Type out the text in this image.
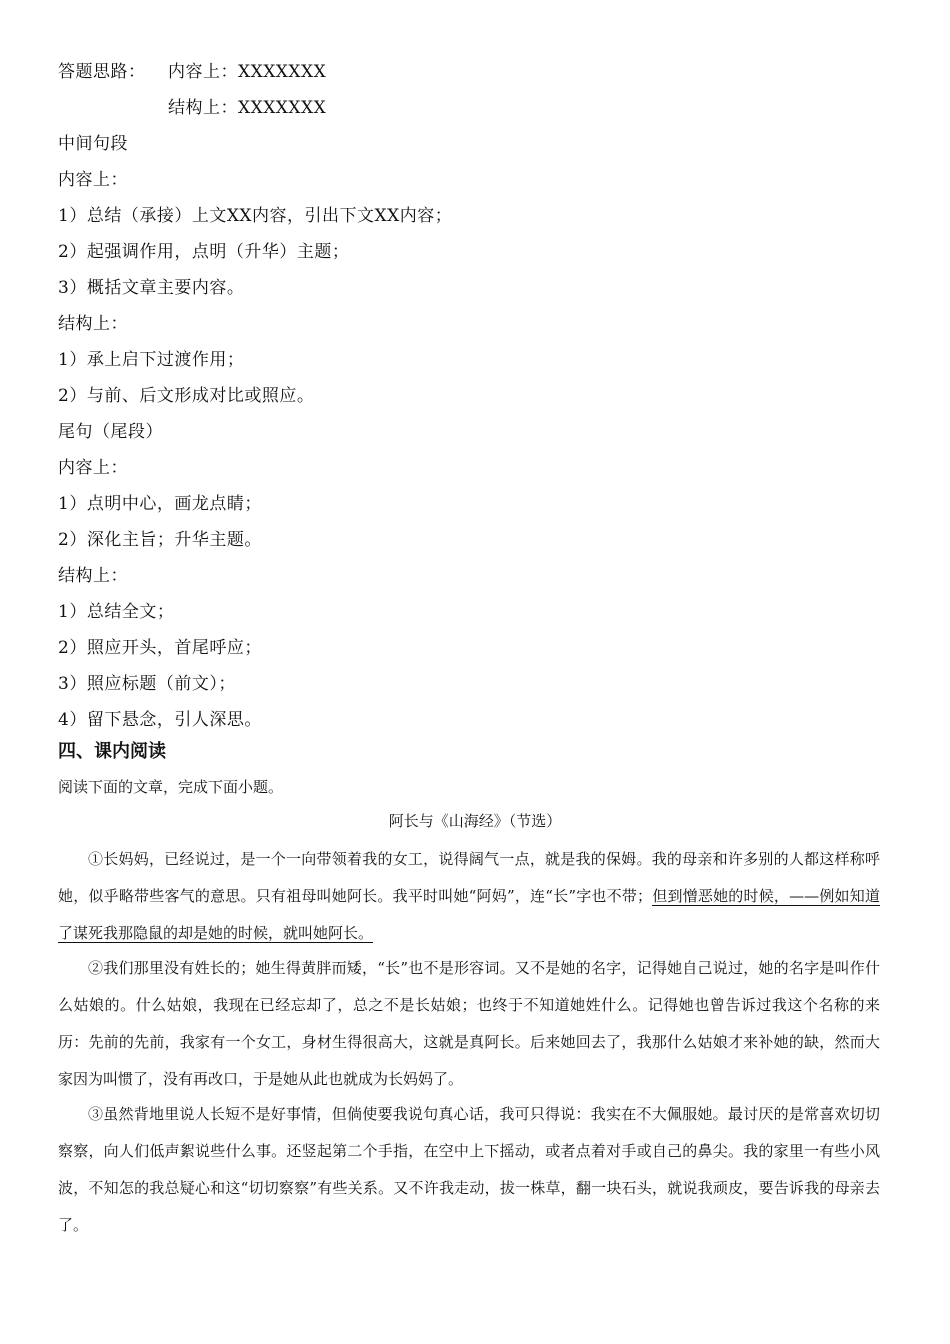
答题思路： 内容上：XXXXXXX
结构上：XXXXXXX
中间句段
内容上：
1）总结（承接）上文XX内容，引出下文XX内容；
2）起强调作用，点明（升华）主题；
3）概括文章主要内容。
结构上：
1）承上启下过渡作用；
2）与前、后文形成对比或照应。
尾句（尾段）
内容上：
1）点明中心，画龙点睛；
2）深化主旨；升华主题。
结构上：
1）总结全文；
2）照应开头，首尾呼应；
3）照应标题（前文）；
4）留下悬念，引人深思。
四、课内阅读
阅读下面的文章，完成下面小题。
阿长与《山海经》（节选）

①长妈妈，已经说过，是一个一向带领着我的女工，说得阔气一点，就是我的保姆。我的母亲和许多别的人都这样称呼她，似乎略带些客气的意思。只有祖母叫她阿长。我平时叫她“阿妈”，连“长”字也不带；但到憎恶她的时候，——例如知道了谋死我那隐鼠的却是她的时候，就叫她阿长。

②我们那里没有姓长的；她生得黄胖而矮，“长”也不是形容词。又不是她的名字，记得她自己说过，她的名字是叫作什么姑娘的。什么姑娘，我现在已经忘却了，总之不是长姑娘；也终于不知道她姓什么。记得她也曾告诉过我这个名称的来历：先前的先前，我家有一个女工，身材生得很高大，这就是真阿长。后来她回去了，我那什么姑娘才来补她的缺，然而大家因为叫惯了，没有再改口，于是她从此也就成为长妈妈了。

③虽然背地里说人长短不是好事情，但倘使要我说句真心话，我可只得说：我实在不大佩服她。最讨厌的是常喜欢切切察察，向人们低声絮说些什么事。还竖起第二个手指，在空中上下摇动，或者点着对手或自己的鼻尖。我的家里一有些小风波，不知怎的我总疑心和这“切切察察”有些关系。又不许我走动，拔一株草，翻一块石头，就说我顽皮，要告诉我的母亲去了。
